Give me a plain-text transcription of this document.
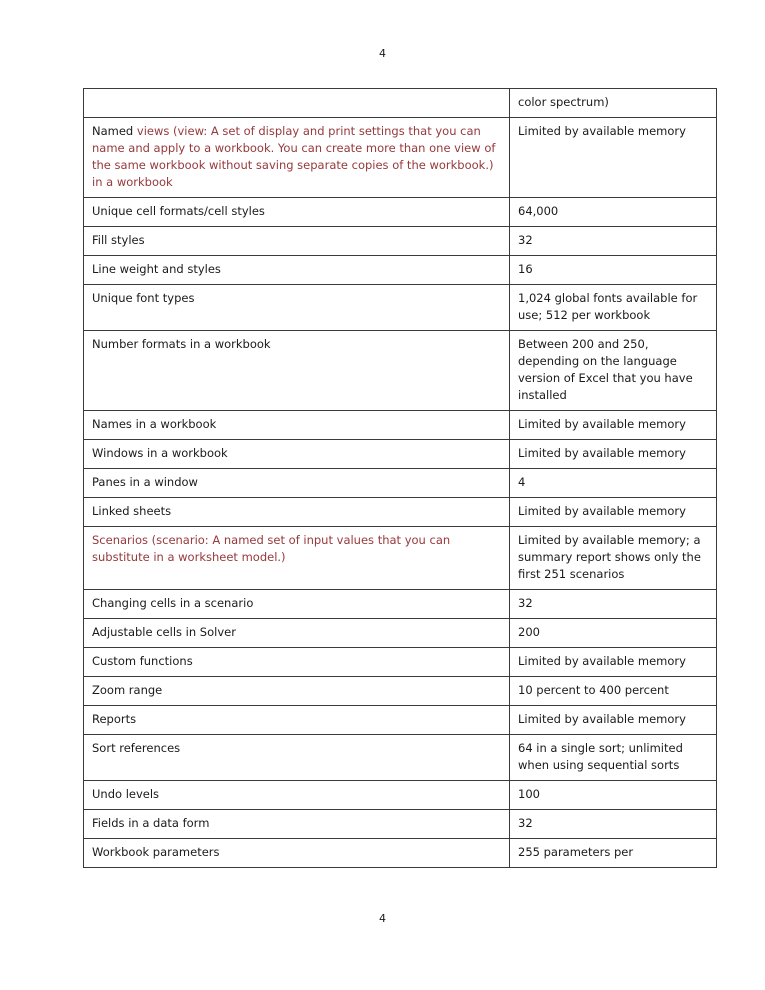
4
	color spectrum)
Named views (view: A set of display and print settings that you can name and apply to a workbook. You can create more than one view of the same workbook without saving separate copies of the workbook.) in a workbook	Limited by available memory
Unique cell formats/cell styles	64,000
Fill styles	32
Line weight and styles	16
Unique font types	1,024 global fonts available for use; 512 per workbook
Number formats in a workbook	Between 200 and 250, depending on the language version of Excel that you have installed
Names in a workbook	Limited by available memory
Windows in a workbook	Limited by available memory
Panes in a window	4
Linked sheets	Limited by available memory
Scenarios (scenario: A named set of input values that you can substitute in a worksheet model.)	Limited by available memory; a summary report shows only the first 251 scenarios
Changing cells in a scenario	32
Adjustable cells in Solver	200
Custom functions	Limited by available memory
Zoom range	10 percent to 400 percent
Reports	Limited by available memory
Sort references	64 in a single sort; unlimited when using sequential sorts
Undo levels	100
Fields in a data form	32
Workbook parameters	255 parameters per
4
